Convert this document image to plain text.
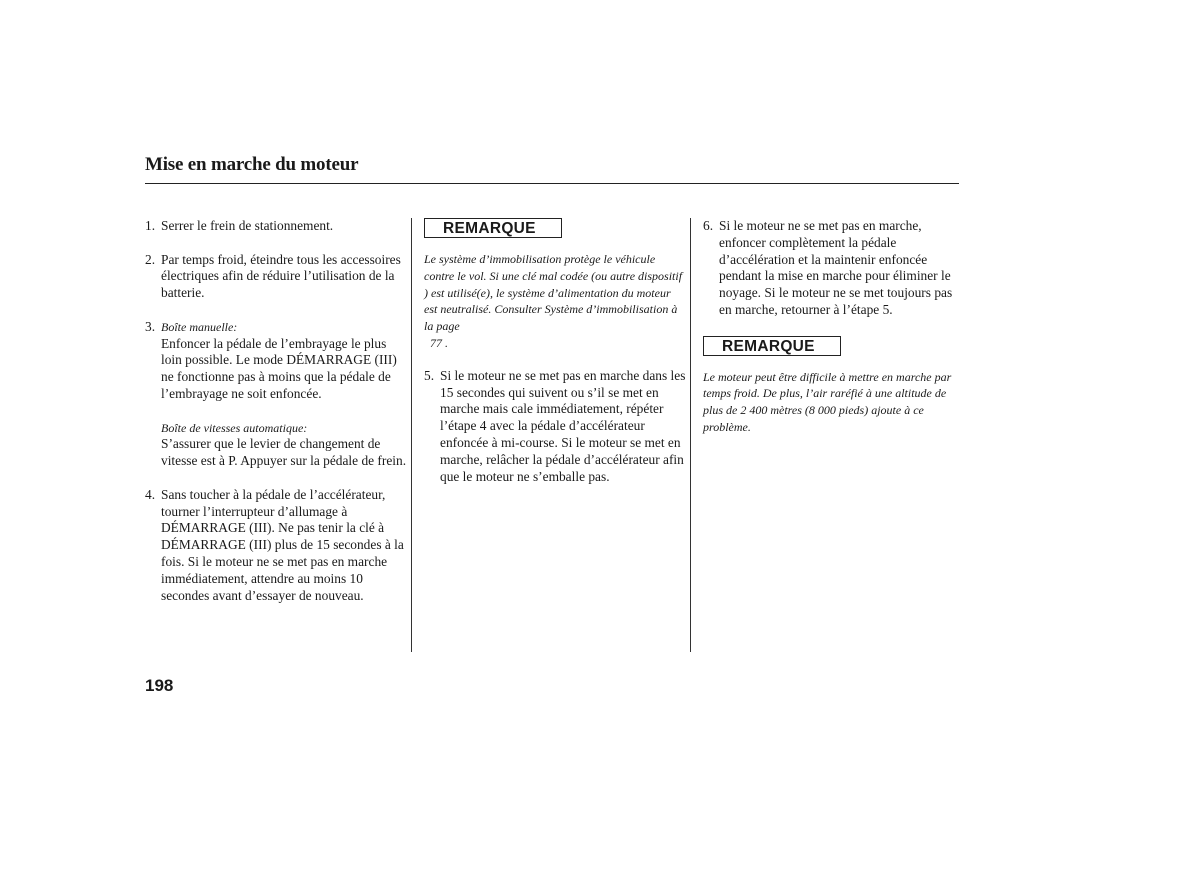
Mise en marche du moteur
1. Serrer le frein de stationnement.
2. Par temps froid, éteindre tous les accessoires électriques afin de réduire l’utilisation de la batterie.
3. Boîte manuelle:
Enfoncer la pédale de l’embrayage le plus loin possible. Le mode DÉMARRAGE (III) ne fonctionne pas à moins que la pédale de l’embrayage ne soit enfoncée.
Boîte de vitesses automatique:
S’assurer que le levier de changement de vitesse est à P. Appuyer sur la pédale de frein.
4. Sans toucher à la pédale de l’accélérateur, tourner l’interrupteur d’allumage à DÉMARRAGE (III). Ne pas tenir la clé à DÉMARRAGE (III) plus de 15 secondes à la fois. Si le moteur ne se met pas en marche immédiatement, attendre au moins 10 secondes avant d’essayer de nouveau.
REMARQUE
Le système d’immobilisation protège le véhicule contre le vol. Si une clé mal codée (ou autre dispositif ) est utilisé(e), le système d’alimentation du moteur est neutralisé. Consulter Système d’immobilisation à la page
77 .
5. Si le moteur ne se met pas en marche dans les 15 secondes qui suivent ou s’il se met en marche mais cale immédiatement, répéter l’étape 4 avec la pédale d’accélérateur enfoncée à mi-course. Si le moteur se met en marche, relâcher la pédale d’accélérateur afin que le moteur ne s’emballe pas.
6. Si le moteur ne se met pas en marche, enfoncer complètement la pédale d’accélération et la maintenir enfoncée pendant la mise en marche pour éliminer le noyage. Si le moteur ne se met toujours pas en marche, retourner à l’étape 5.
REMARQUE
Le moteur peut être difficile à mettre en marche par temps froid. De plus, l’air raréfié à une altitude de plus de 2 400 mètres (8 000 pieds) ajoute à ce problème.
198
